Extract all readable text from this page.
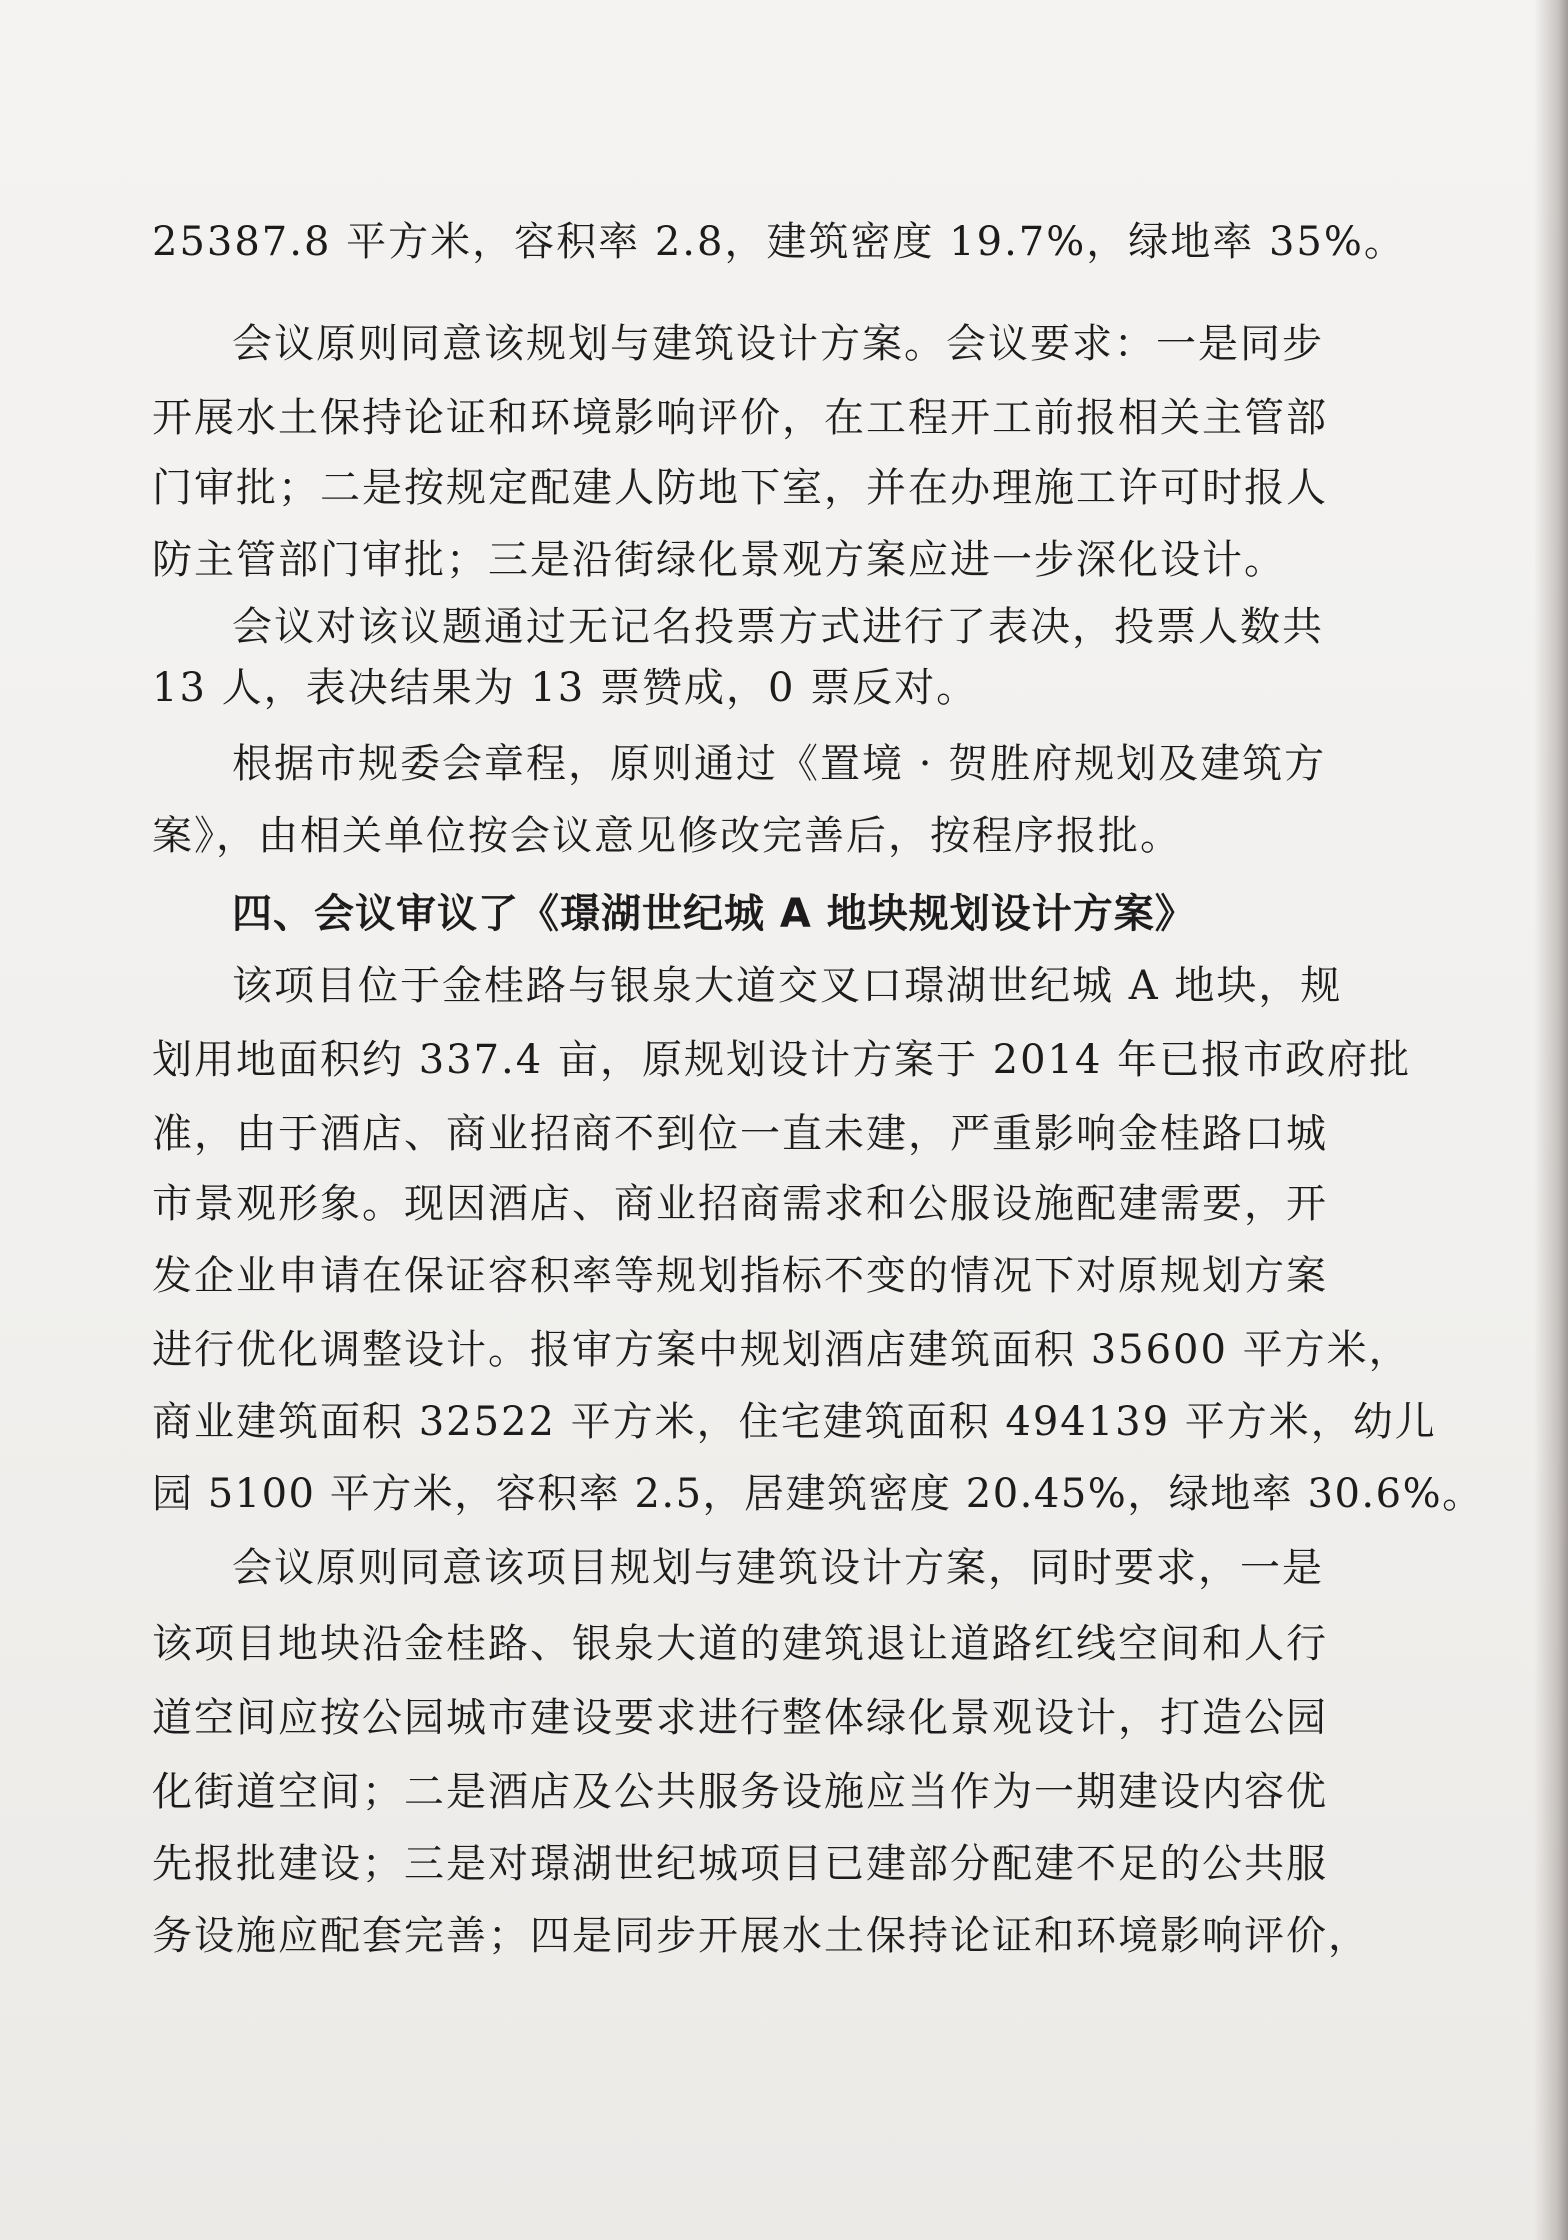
25387.8 平方米，容积率 2.8，建筑密度 19.7%，绿地率 35%。
会议原则同意该规划与建筑设计方案。会议要求：一是同步
开展水土保持论证和环境影响评价，在工程开工前报相关主管部
门审批；二是按规定配建人防地下室，并在办理施工许可时报人
防主管部门审批；三是沿街绿化景观方案应进一步深化设计。
会议对该议题通过无记名投票方式进行了表决，投票人数共
13 人，表决结果为 13 票赞成，0 票反对。
根据市规委会章程，原则通过《置境 · 贺胜府规划及建筑方
案》，由相关单位按会议意见修改完善后，按程序报批。
四、会议审议了《璟湖世纪城 A 地块规划设计方案》
该项目位于金桂路与银泉大道交叉口璟湖世纪城 A 地块，规
划用地面积约 337.4 亩，原规划设计方案于 2014 年已报市政府批
准，由于酒店、商业招商不到位一直未建，严重影响金桂路口城
市景观形象。现因酒店、商业招商需求和公服设施配建需要，开
发企业申请在保证容积率等规划指标不变的情况下对原规划方案
进行优化调整设计。报审方案中规划酒店建筑面积 35600 平方米，
商业建筑面积 32522 平方米，住宅建筑面积 494139 平方米，幼儿
园 5100 平方米，容积率 2.5，居建筑密度 20.45%，绿地率 30.6%。
会议原则同意该项目规划与建筑设计方案，同时要求，一是
该项目地块沿金桂路、银泉大道的建筑退让道路红线空间和人行
道空间应按公园城市建设要求进行整体绿化景观设计，打造公园
化街道空间；二是酒店及公共服务设施应当作为一期建设内容优
先报批建设；三是对璟湖世纪城项目已建部分配建不足的公共服
务设施应配套完善；四是同步开展水土保持论证和环境影响评价，
